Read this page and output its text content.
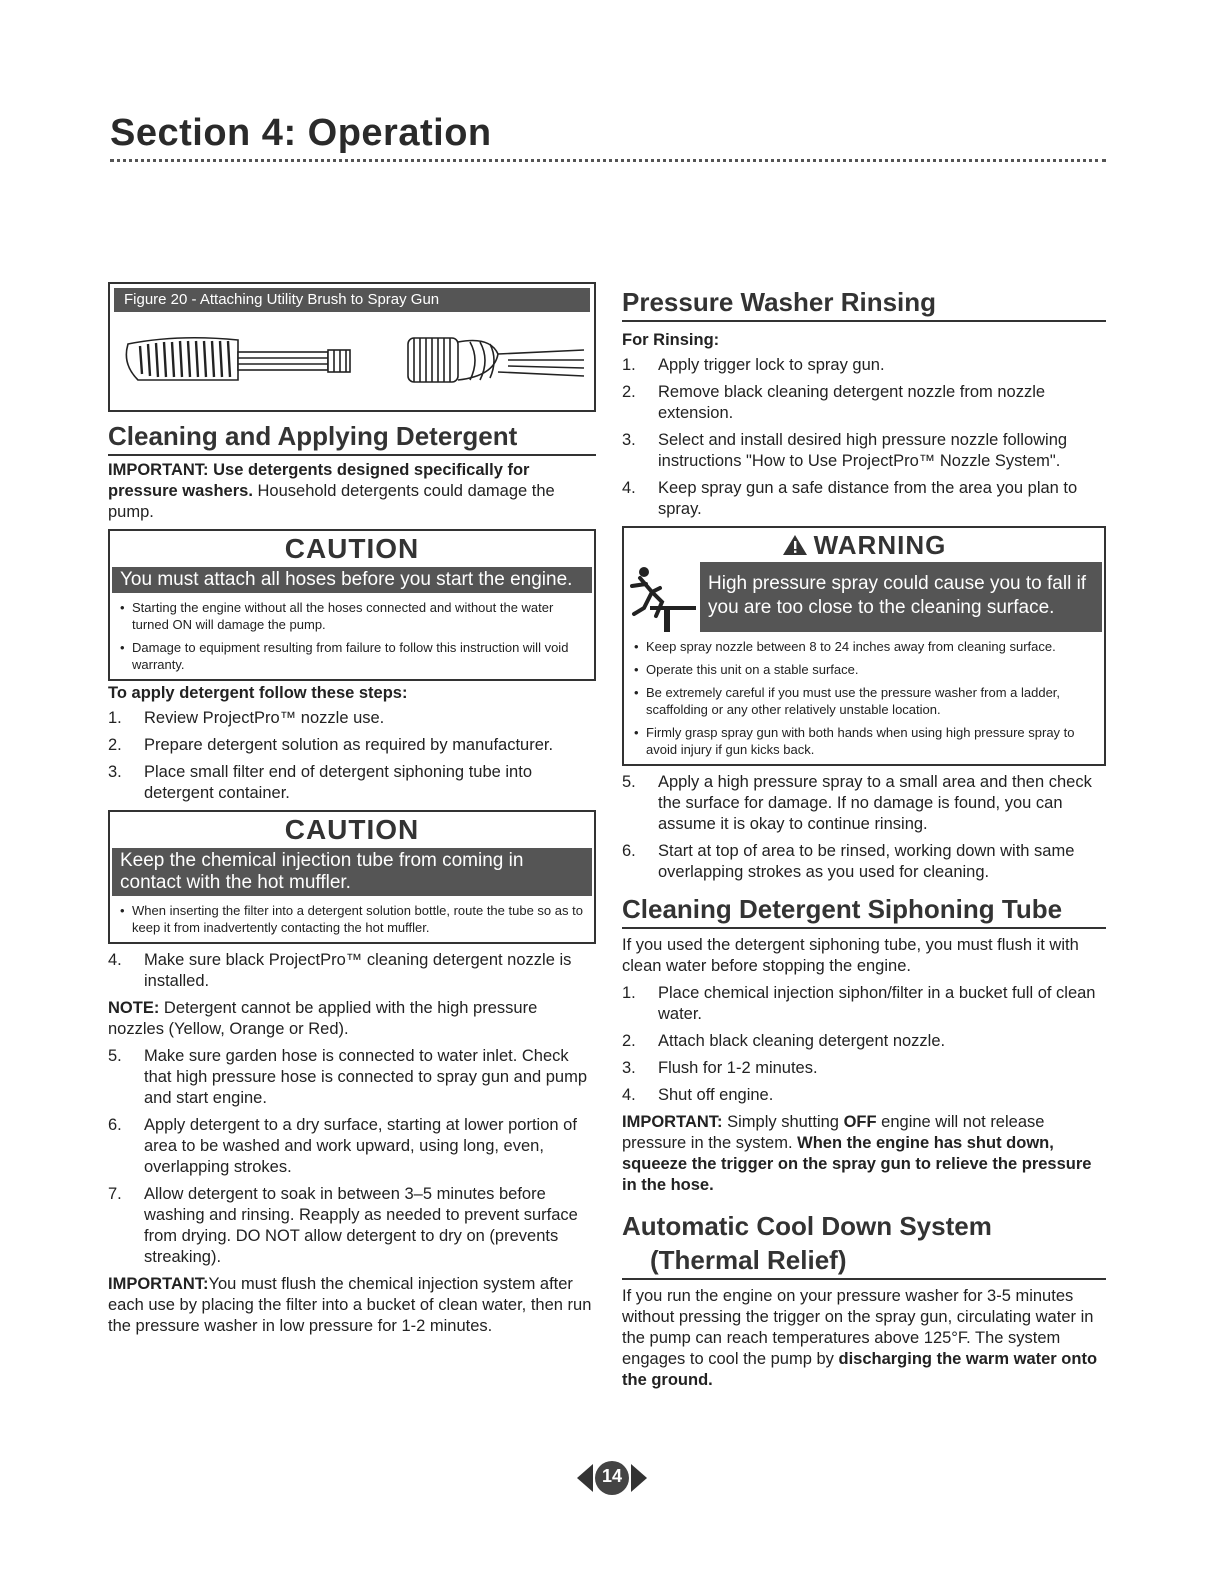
Section 4: Operation
Figure 20 - Attaching Utility Brush to Spray Gun
Cleaning and Applying Detergent

IMPORTANT: Use detergents designed specifically for pressure washers. Household detergents could damage the pump.

CAUTION
You must attach all hoses before you start the engine.
• Starting the engine without all the hoses connected and without the water turned ON will damage the pump.
• Damage to equipment resulting from failure to follow this instruction will void warranty.

To apply detergent follow these steps:

1.	Review ProjectPro™ nozzle use.
2.	Prepare detergent solution as required by manufacturer.
3.	Place small filter end of detergent siphoning tube into detergent container.
CAUTION
Keep the chemical injection tube from coming in contact with the hot muffler.
• When inserting the filter into a detergent solution bottle, route the tube so as to keep it from inadvertently contacting the hot muffler.
4.	Make sure black ProjectPro™ cleaning detergent nozzle is installed.

NOTE: Detergent cannot be applied with the high pressure nozzles (Yellow, Orange or Red).

5.	Make sure garden hose is connected to water inlet. Check that high pressure hose is connected to spray gun and pump and start engine.
6.	Apply detergent to a dry surface, starting at lower portion of area to be washed and work upward, using long, even, overlapping strokes.
7.	Allow detergent to soak in between 3–5 minutes before washing and rinsing. Reapply as needed to prevent surface from drying. DO NOT allow detergent to dry on (prevents streaking).

IMPORTANT:You must flush the chemical injection system after each use by placing the filter into a bucket of clean water, then run the pressure washer in low pressure for 1-2 minutes.

Pressure Washer Rinsing

For Rinsing:

1.	Apply trigger lock to spray gun.
2.	Remove black cleaning detergent nozzle from nozzle extension.
3.	Select and install desired high pressure nozzle following instructions "How to Use ProjectPro™ Nozzle System".
4.	Keep spray gun a safe distance from the area you plan to spray.
WARNING
High pressure spray could cause you to fall if you are too close to the cleaning surface.
• Keep spray nozzle between 8 to 24 inches away from cleaning surface.
• Operate this unit on a stable surface.
• Be extremely careful if you must use the pressure washer from a ladder, scaffolding or any other relatively unstable location.
• Firmly grasp spray gun with both hands when using high pressure spray to avoid injury if gun kicks back.
5.	Apply a high pressure spray to a small area and then check the surface for damage. If no damage is found, you can assume it is okay to continue rinsing.
6.	Start at top of area to be rinsed, working down with same overlapping strokes as you used for cleaning.
Cleaning Detergent Siphoning Tube

If you used the detergent siphoning tube, you must flush it with clean water before stopping the engine.

1.	Place chemical injection siphon/filter in a bucket full of clean water.
2.	Attach black cleaning detergent nozzle.
3.	Flush for 1-2 minutes.
4.	Shut off engine.

IMPORTANT: Simply shutting OFF engine will not release pressure in the system. When the engine has shut down, squeeze the trigger on the spray gun to relieve the pressure in the hose.

Automatic Cool Down System
(Thermal Relief)

If you run the engine on your pressure washer for 3-5 minutes without pressing the trigger on the spray gun, circulating water in the pump can reach temperatures above 125°F. The system engages to cool the pump by discharging the warm water onto the ground.

14
